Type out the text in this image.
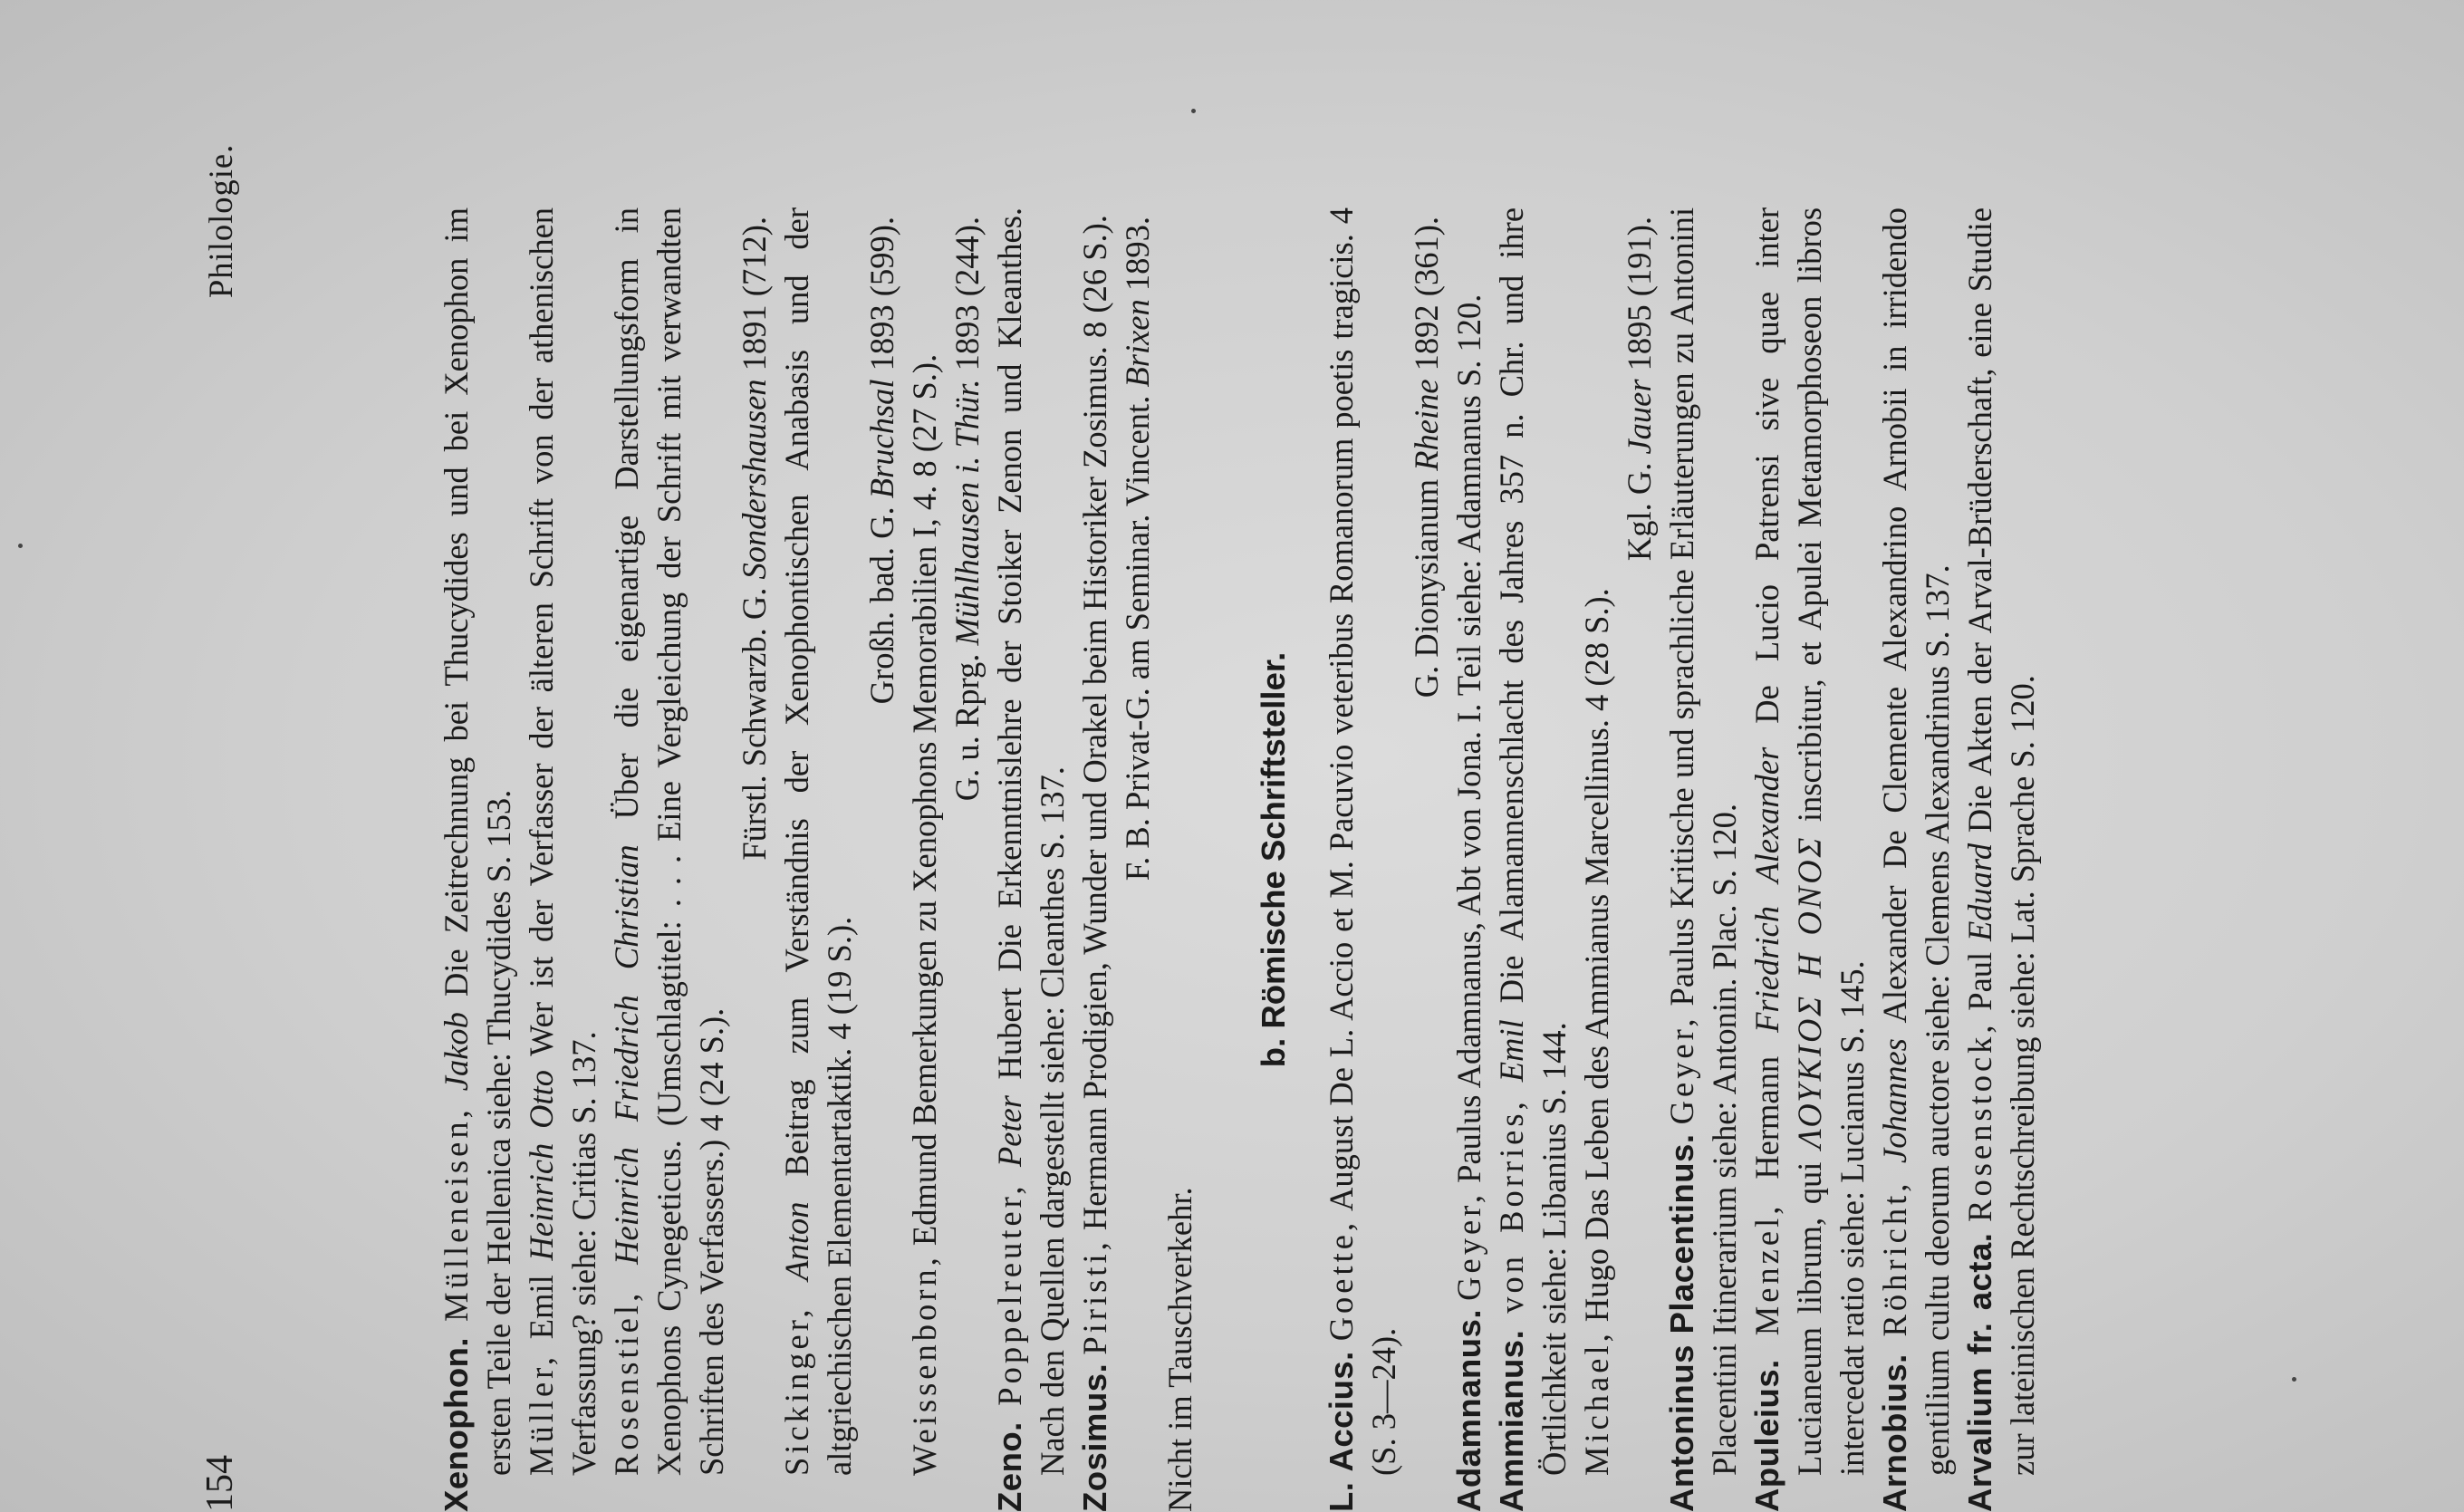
154
Philologie.

Xenophon. Mülleneisen, Jakob Die Zeitrechnung bei Thucydides und bei Xenophon im ersten Teile der Hellenica siehe: Thucydides S. 153. Müller, Emil Heinrich Otto Wer ist der Verfasser der älteren Schrift von der athenischen Verfassung? siehe: Critias S. 137. Rosenstiel, Heinrich Friedrich Christian Über die eigenartige Darstellungsform in Xenophons Cynegeticus. (Umschlagtitel: . . . Eine Vergleichung der Schrift mit verwandten Schriften des Verfassers.) 4 (24 S.).

Fürstl. Schwarzb. G. Sondershausen 1891 (712).

Sickinger, Anton Beitrag zum Verständnis der Xenophontischen Anabasis und der altgriechischen Elementartaktik. 4 (19 S.).

Großh. bad. G. Bruchsal 1893 (599).

Weissenborn, Edmund Bemerkungen zu Xenophons Memorabilien I, 4. 8 (27 S.). G. u. Rprg. Mühlhausen i. Thür. 1893 (244).

Zeno. Poppelreuter, Peter Hubert Die Erkenntnislehre der Stoiker Zenon und Kleanthes. Nach den Quellen dargestellt siehe: Cleanthes S. 137. Zosimus. Piristi, Hermann Prodigien, Wunder und Orakel beim Historiker Zosimus. 8 (26 S.). F. B. Privat-G. am Seminar. Vincent. Brixen 1893.

Nicht im Tauschverkehr.

b. Römische Schriftsteller.

L. Accius. Goette, August De L. Accio et M. Pacuvio veteribus Romanorum poetis tragicis. 4 (S. 3—24).

G. Dionysianum Rheine 1892 (361).

Adamnanus. Geyer, Paulus Adamnanus, Abt von Jona. I. Teil siehe: Adamnanus S. 120.

Ammianus. von Borries, Emil Die Alamannenschlacht des Jahres 357 n. Chr. und ihre Örtlichkeit siehe: Libanius S. 144. Michael, Hugo Das Leben des Ammianus Marcellinus. 4 (28 S.).

Kgl. G. Jauer 1895 (191).

Antoninus Placentinus. Geyer, Paulus Kritische und sprachliche Erläuterungen zu Antonini Placentini Itinerarium siehe: Antonin. Plac. S. 120. Apuleius. Menzel, Hermann Friedrich Alexander De Lucio Patrensi sive quae inter Lucianeum librum, qui ΛΟΥΚΙΟΣ Η ΟΝΟΣ inscribitur, et Apulei Metamorphoseon libros intercedat ratio siehe: Lucianus S. 145. Arnobius. Röhricht, Johannes Alexander De Clemente Alexandrino Arnobii in irridendo gentilium cultu deorum auctore siehe: Clemens Alexandrinus S. 137. Arvalium fr. acta. Rosenstock, Paul Eduard Die Akten der Arval-Brüderschaft, eine Studie zur lateinischen Rechtschreibung siehe: Lat. Sprache S. 120.
